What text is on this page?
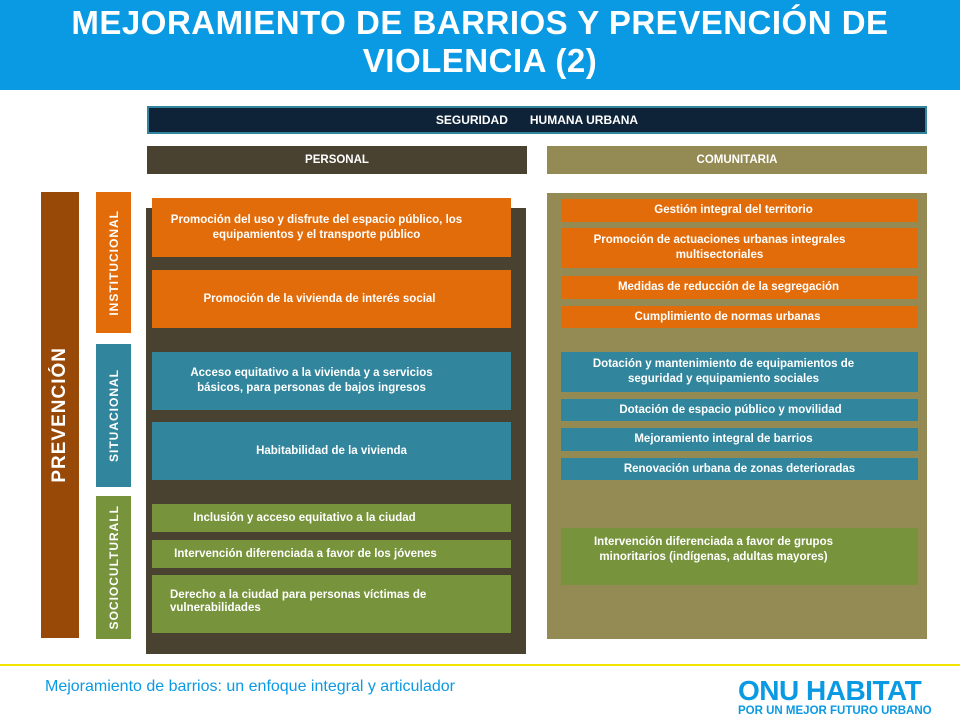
MEJORAMIENTO DE BARRIOS Y PREVENCIÓN DE VIOLENCIA (2)
SEGURIDAD HUMANA URBANA
PERSONAL	COMUNITARIA
PREVENCIÓN
INSTITUCIONAL
SITUACIONAL
SOCIOCULTURALL
Promoción del uso y disfrute del espacio público, los equipamientos y el transporte público
Promoción de la vivienda de interés social
Acceso equitativo a la vivienda y a servicios básicos, para personas de bajos ingresos
Habitabilidad de la vivienda
Inclusión y acceso equitativo a la ciudad
Intervención diferenciada a favor de los jóvenes
Derecho a la ciudad para personas víctimas de vulnerabilidades
Gestión integral del territorio
Promoción de actuaciones urbanas integrales multisectoriales
Medidas de reducción de la segregación
Cumplimiento de normas urbanas
Dotación y mantenimiento de equipamientos de seguridad y equipamiento sociales
Dotación de espacio público y movilidad
Mejoramiento integral de barrios
Renovación urbana de zonas deterioradas
Intervención diferenciada a favor de grupos minoritarios (indígenas, adultas mayores)
Mejoramiento de barrios: un enfoque integral y articulador	ONU HABITAT
POR UN MEJOR FUTURO URBANO
